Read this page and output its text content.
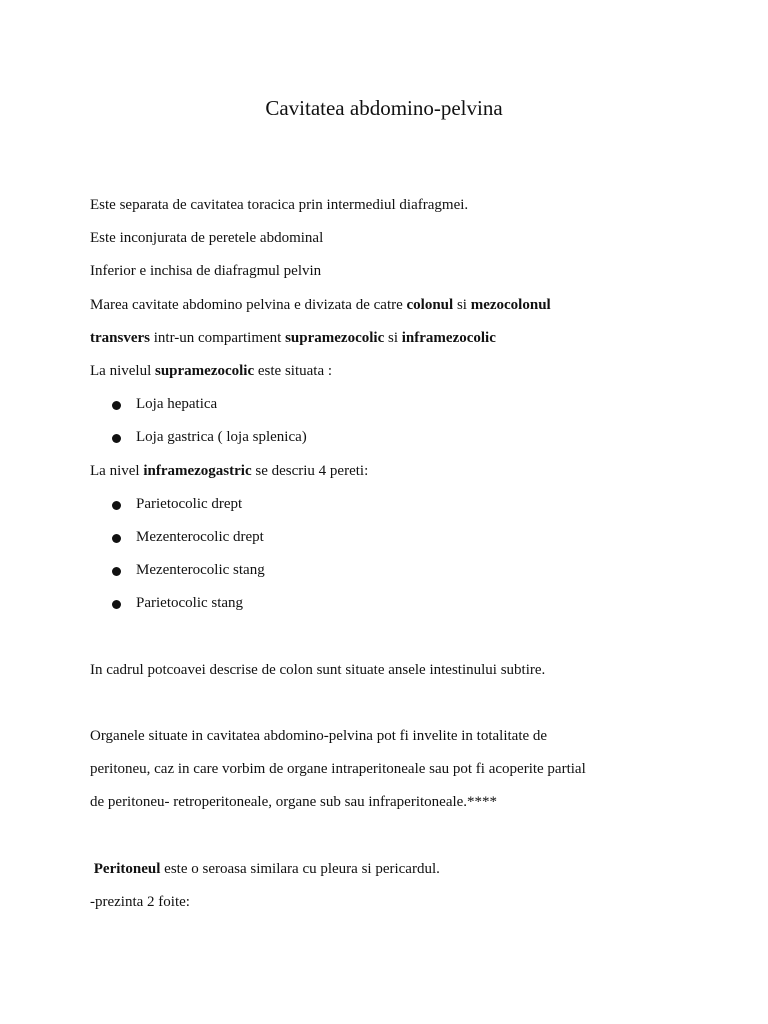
Cavitatea abdomino-pelvina
Este separata de cavitatea toracica prin intermediul diafragmei.
Este inconjurata de peretele abdominal
Inferior e inchisa de diafragmul pelvin
Marea cavitate abdomino pelvina e divizata de catre colonul si mezocolonul
transvers intr-un compartiment supramezocolic si inframezocolic
La nivelul supramezocolic este situata :
Loja hepatica
Loja gastrica ( loja splenica)
La nivel inframezogastric se descriu 4 pereti:
Parietocolic drept
Mezenterocolic drept
Mezenterocolic stang
Parietocolic stang
In cadrul potcoavei descrise de colon sunt situate ansele intestinului subtire.
Organele situate in cavitatea abdomino-pelvina pot fi invelite in totalitate de
peritoneu, caz in care vorbim de organe intraperitoneale sau pot fi acoperite partial
de peritoneu- retroperitoneale, organe sub sau infraperitoneale.****
Peritoneul este o seroasa similara cu pleura si pericardul.
-prezinta 2 foite:
